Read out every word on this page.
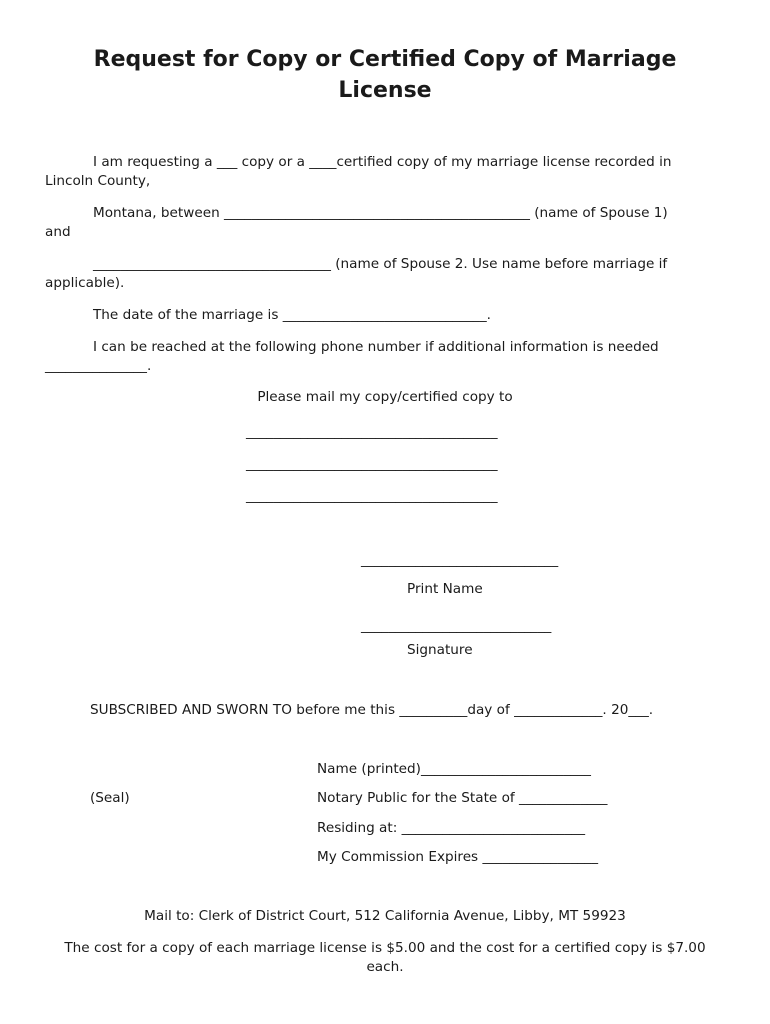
Request for Copy or Certified Copy of Marriage License
I am requesting a ___ copy or a ____certified copy of my marriage license recorded in
Lincoln County,
Montana, between _____________________________________________ (name of Spouse 1)
and
___________________________________ (name of Spouse 2. Use name before marriage if
applicable).
The date of the marriage is ______________________________.
I can be reached at the following phone number if additional information is needed
_______________.
Please mail my copy/certified copy to
_____________________________________
_____________________________________
_____________________________________
_____________________________
Print Name
____________________________
Signature
SUBSCRIBED AND SWORN TO before me this __________day of _____________. 20___.
Name (printed)_________________________
(Seal)	Notary Public for the State of _____________
Residing at: ___________________________
My Commission Expires _________________
Mail to: Clerk of District Court, 512 California Avenue, Libby, MT 59923
The cost for a copy of each marriage license is $5.00 and the cost for a certified copy is $7.00
each.
